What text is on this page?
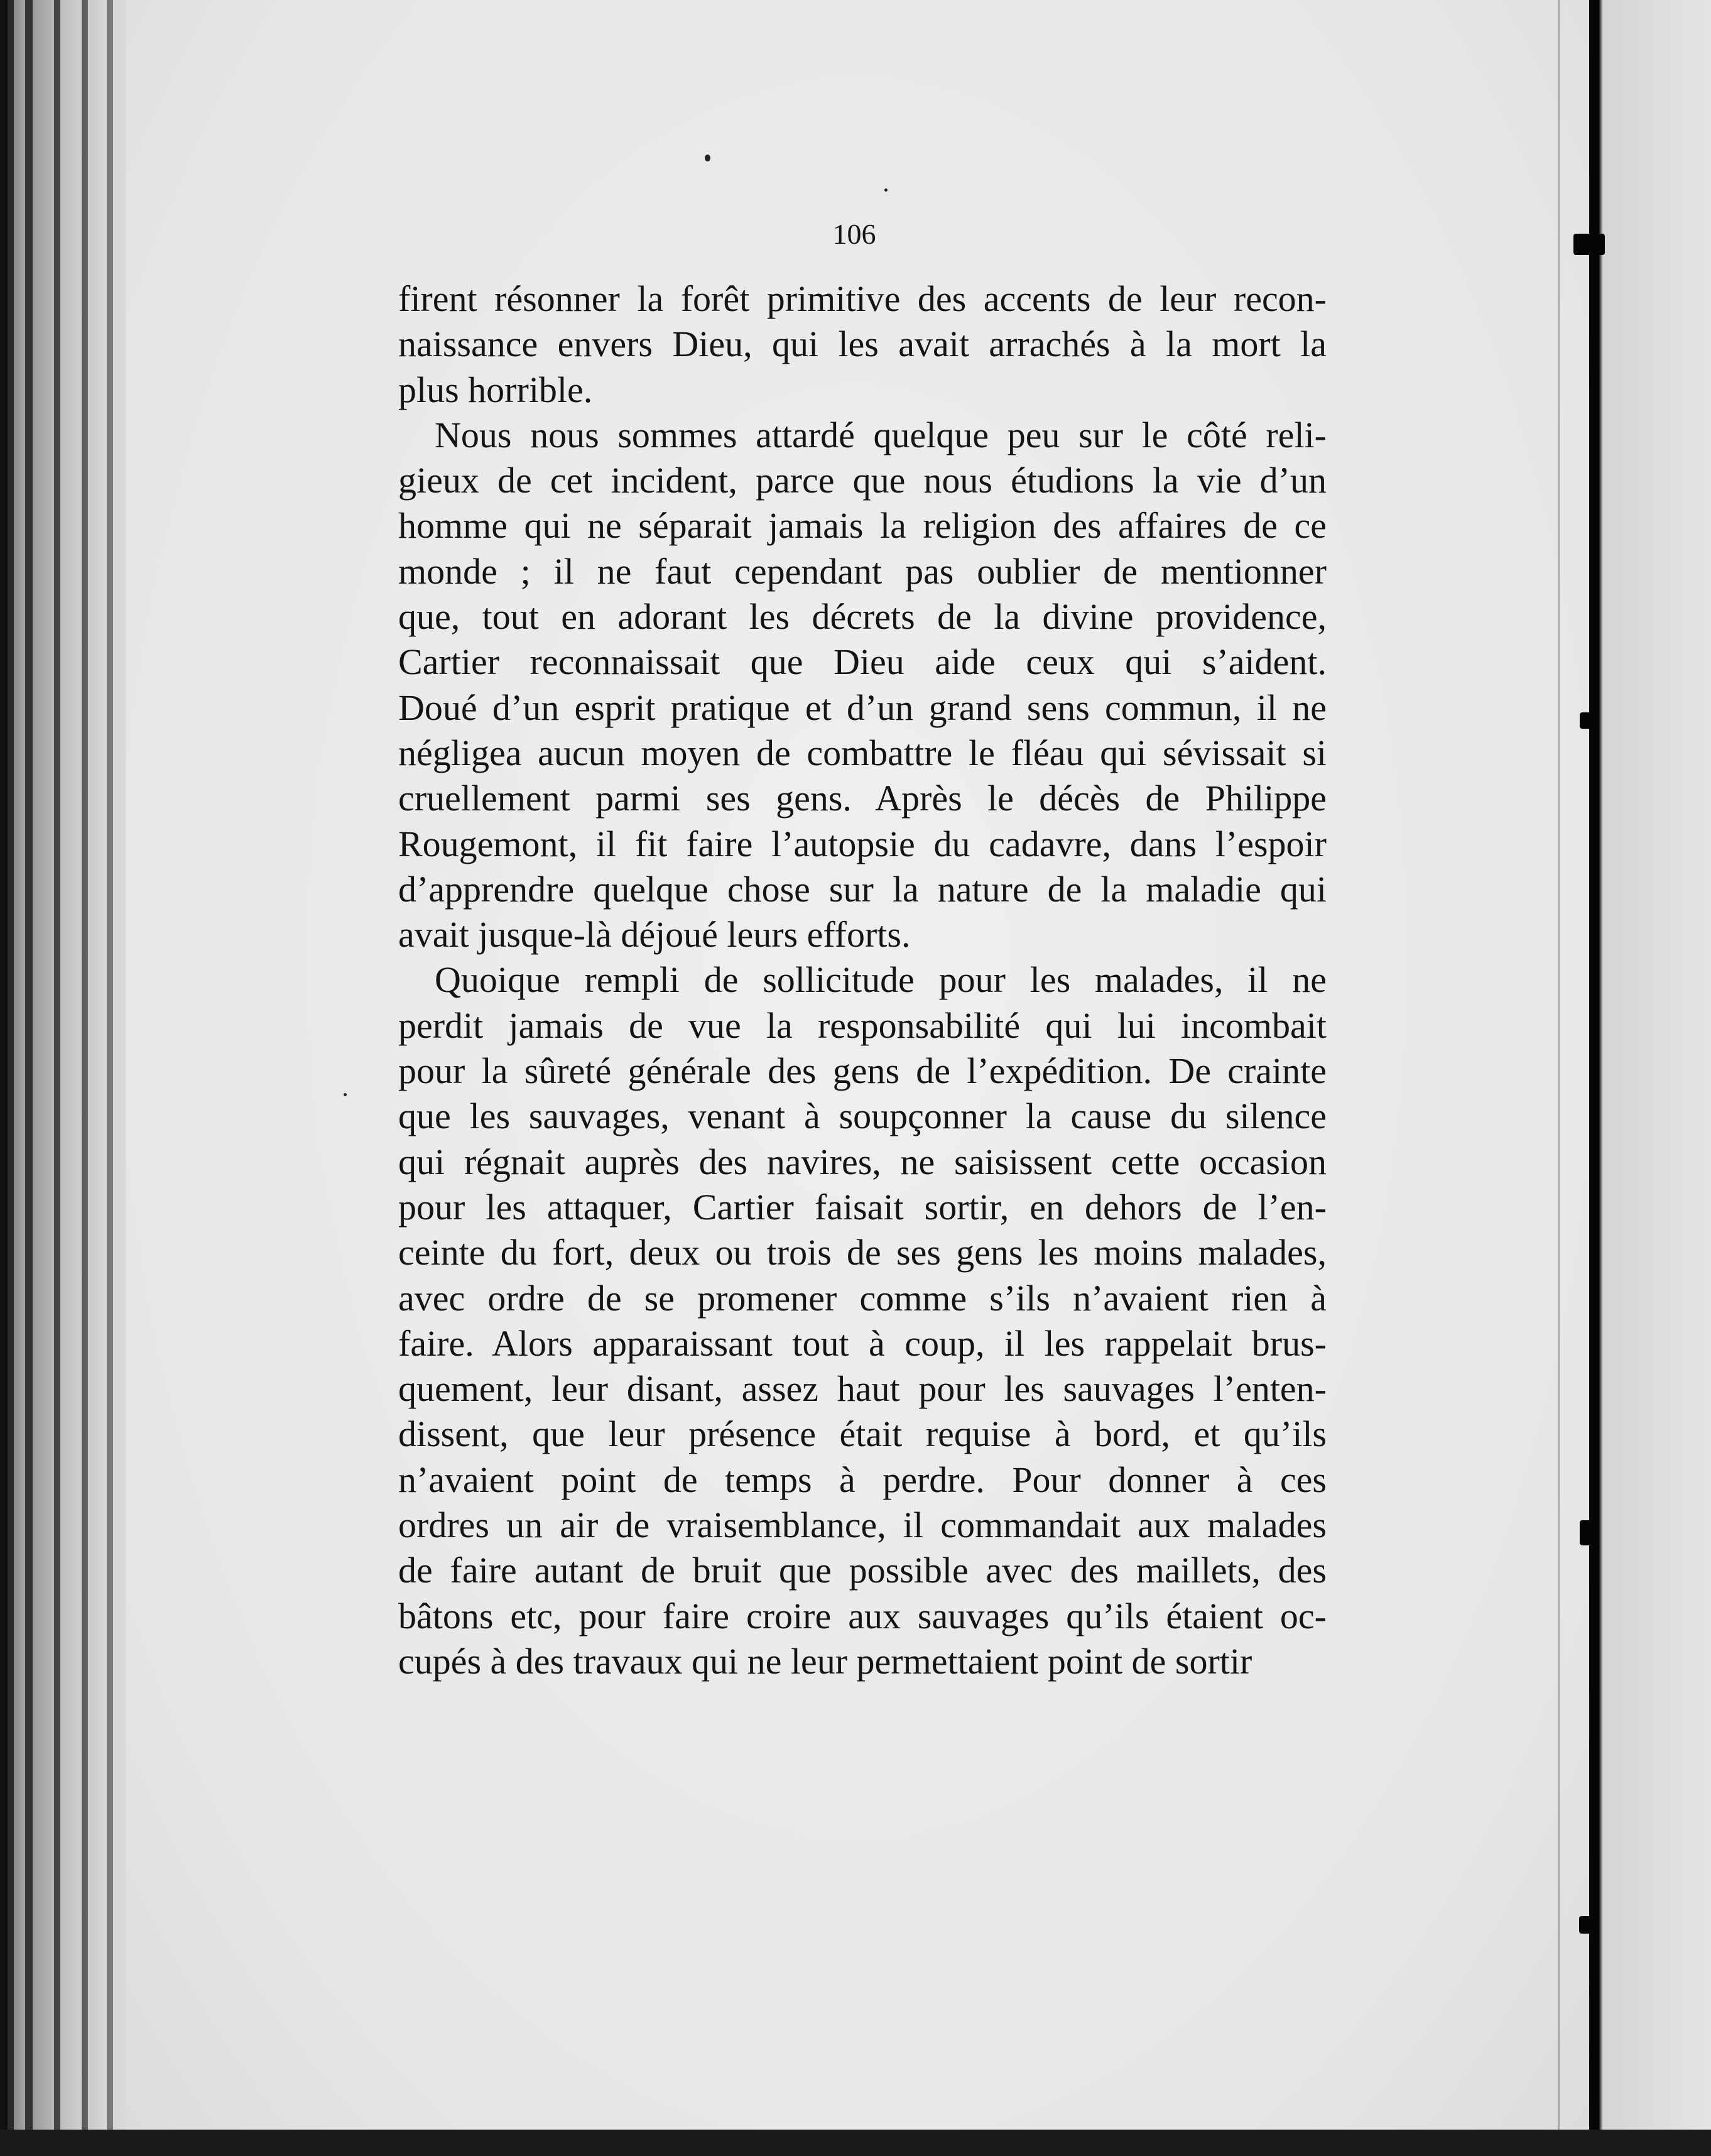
106
firent résonner la forêt primitive des accents de leur recon-
naissance envers Dieu, qui les avait arrachés à la mort la
plus horrible.
Nous nous sommes attardé quelque peu sur le côté reli-
gieux de cet incident, parce que nous étudions la vie d’un
homme qui ne séparait jamais la religion des affaires de ce
monde ; il ne faut cependant pas oublier de mentionner
que, tout en adorant les décrets de la divine providence,
Cartier reconnaissait que Dieu aide ceux qui s’aident.
Doué d’un esprit pratique et d’un grand sens commun, il ne
négligea aucun moyen de combattre le fléau qui sévissait si
cruellement parmi ses gens. Après le décès de Philippe
Rougemont, il fit faire l’autopsie du cadavre, dans l’espoir
d’apprendre quelque chose sur la nature de la maladie qui
avait jusque-là déjoué leurs efforts.
Quoique rempli de sollicitude pour les malades, il ne
perdit jamais de vue la responsabilité qui lui incombait
pour la sûreté générale des gens de l’expédition. De crainte
que les sauvages, venant à soupçonner la cause du silence
qui régnait auprès des navires, ne saisissent cette occasion
pour les attaquer, Cartier faisait sortir, en dehors de l’en-
ceinte du fort, deux ou trois de ses gens les moins malades,
avec ordre de se promener comme s’ils n’avaient rien à
faire. Alors apparaissant tout à coup, il les rappelait brus-
quement, leur disant, assez haut pour les sauvages l’enten-
dissent, que leur présence était requise à bord, et qu’ils
n’avaient point de temps à perdre. Pour donner à ces
ordres un air de vraisemblance, il commandait aux malades
de faire autant de bruit que possible avec des maillets, des
bâtons etc, pour faire croire aux sauvages qu’ils étaient oc-
cupés à des travaux qui ne leur permettaient point de sortir
